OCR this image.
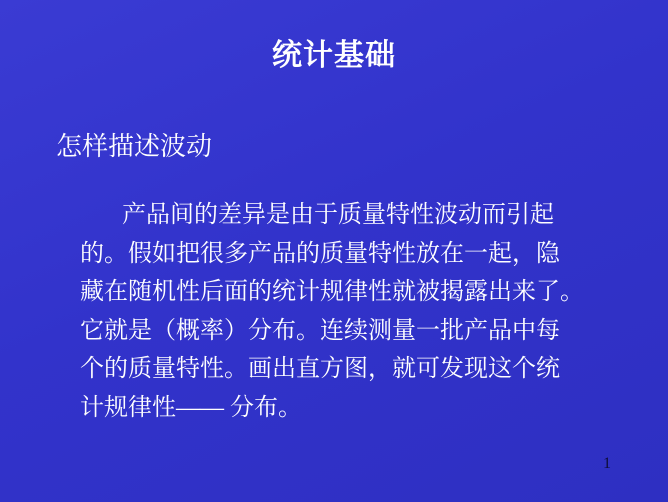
统计基础
怎样描述波动
产品间的差异是由于质量特性波动而引起
的。假如把很多产品的质量特性放在一起，隐
藏在随机性后面的统计规律性就被揭露出来了。
它就是（概率）分布。连续测量一批产品中每
个的质量特性。画出直方图，就可发现这个统
计规律性—— 分布。
1
